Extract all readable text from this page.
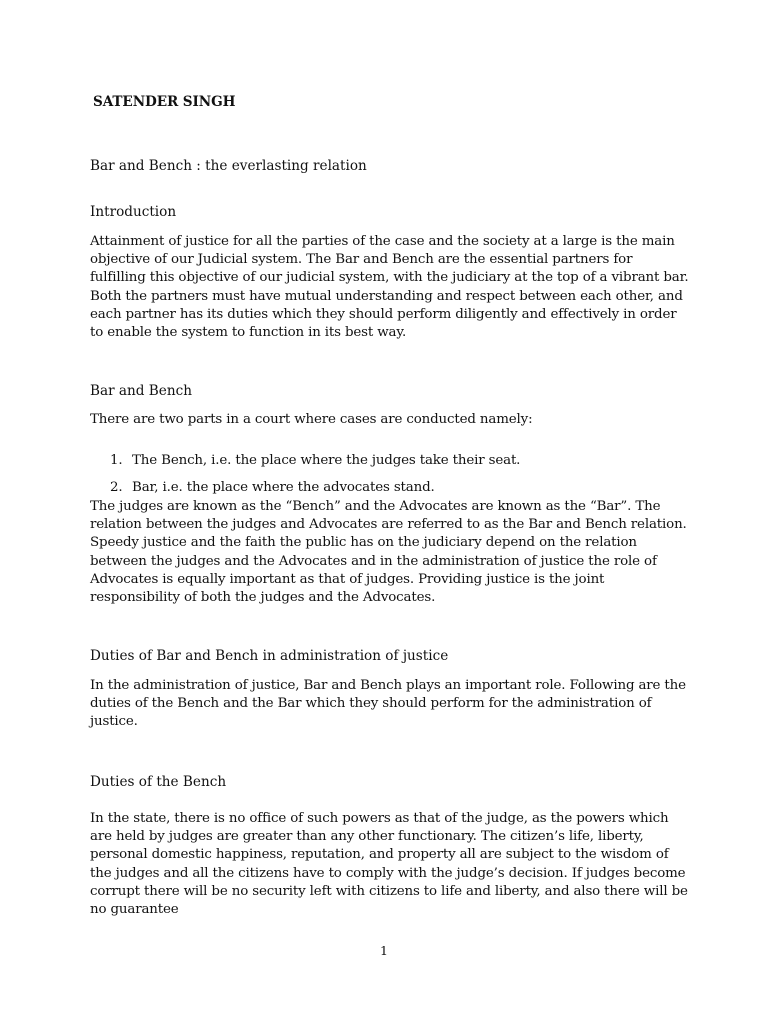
SATENDER SINGH
Bar and Bench : the everlasting relation
Introduction
Attainment of justice for all the parties of the case and the society at a large is the main objective of our Judicial system. The Bar and Bench are the essential partners for fulfilling this objective of our judicial system, with the judiciary at the top of a vibrant bar. Both the partners must have mutual understanding and respect between each other, and each partner has its duties which they should perform diligently and effectively in order to enable the system to function in its best way.
Bar and Bench
There are two parts in a court where cases are conducted namely:
1. The Bench, i.e. the place where the judges take their seat.
2. Bar, i.e. the place where the advocates stand.
The judges are known as the “Bench” and the Advocates are known as the “Bar”. The relation between the judges and Advocates are referred to as the Bar and Bench relation. Speedy justice and the faith the public has on the judiciary depend on the relation between the judges and the Advocates and in the administration of justice the role of Advocates is equally important as that of judges. Providing justice is the joint responsibility of both the judges and the Advocates.
Duties of Bar and Bench in administration of justice
In the administration of justice, Bar and Bench plays an important role. Following are the duties of the Bench and the Bar which they should perform for the administration of justice.
Duties of the Bench
In the state, there is no office of such powers as that of the judge, as the powers which are held by judges are greater than any other functionary. The citizen’s life, liberty, personal domestic happiness, reputation, and property all are subject to the wisdom of the judges and all the citizens have to comply with the judge’s decision. If judges become corrupt there will be no security left with citizens to life and liberty, and also there will be no guarantee
1
